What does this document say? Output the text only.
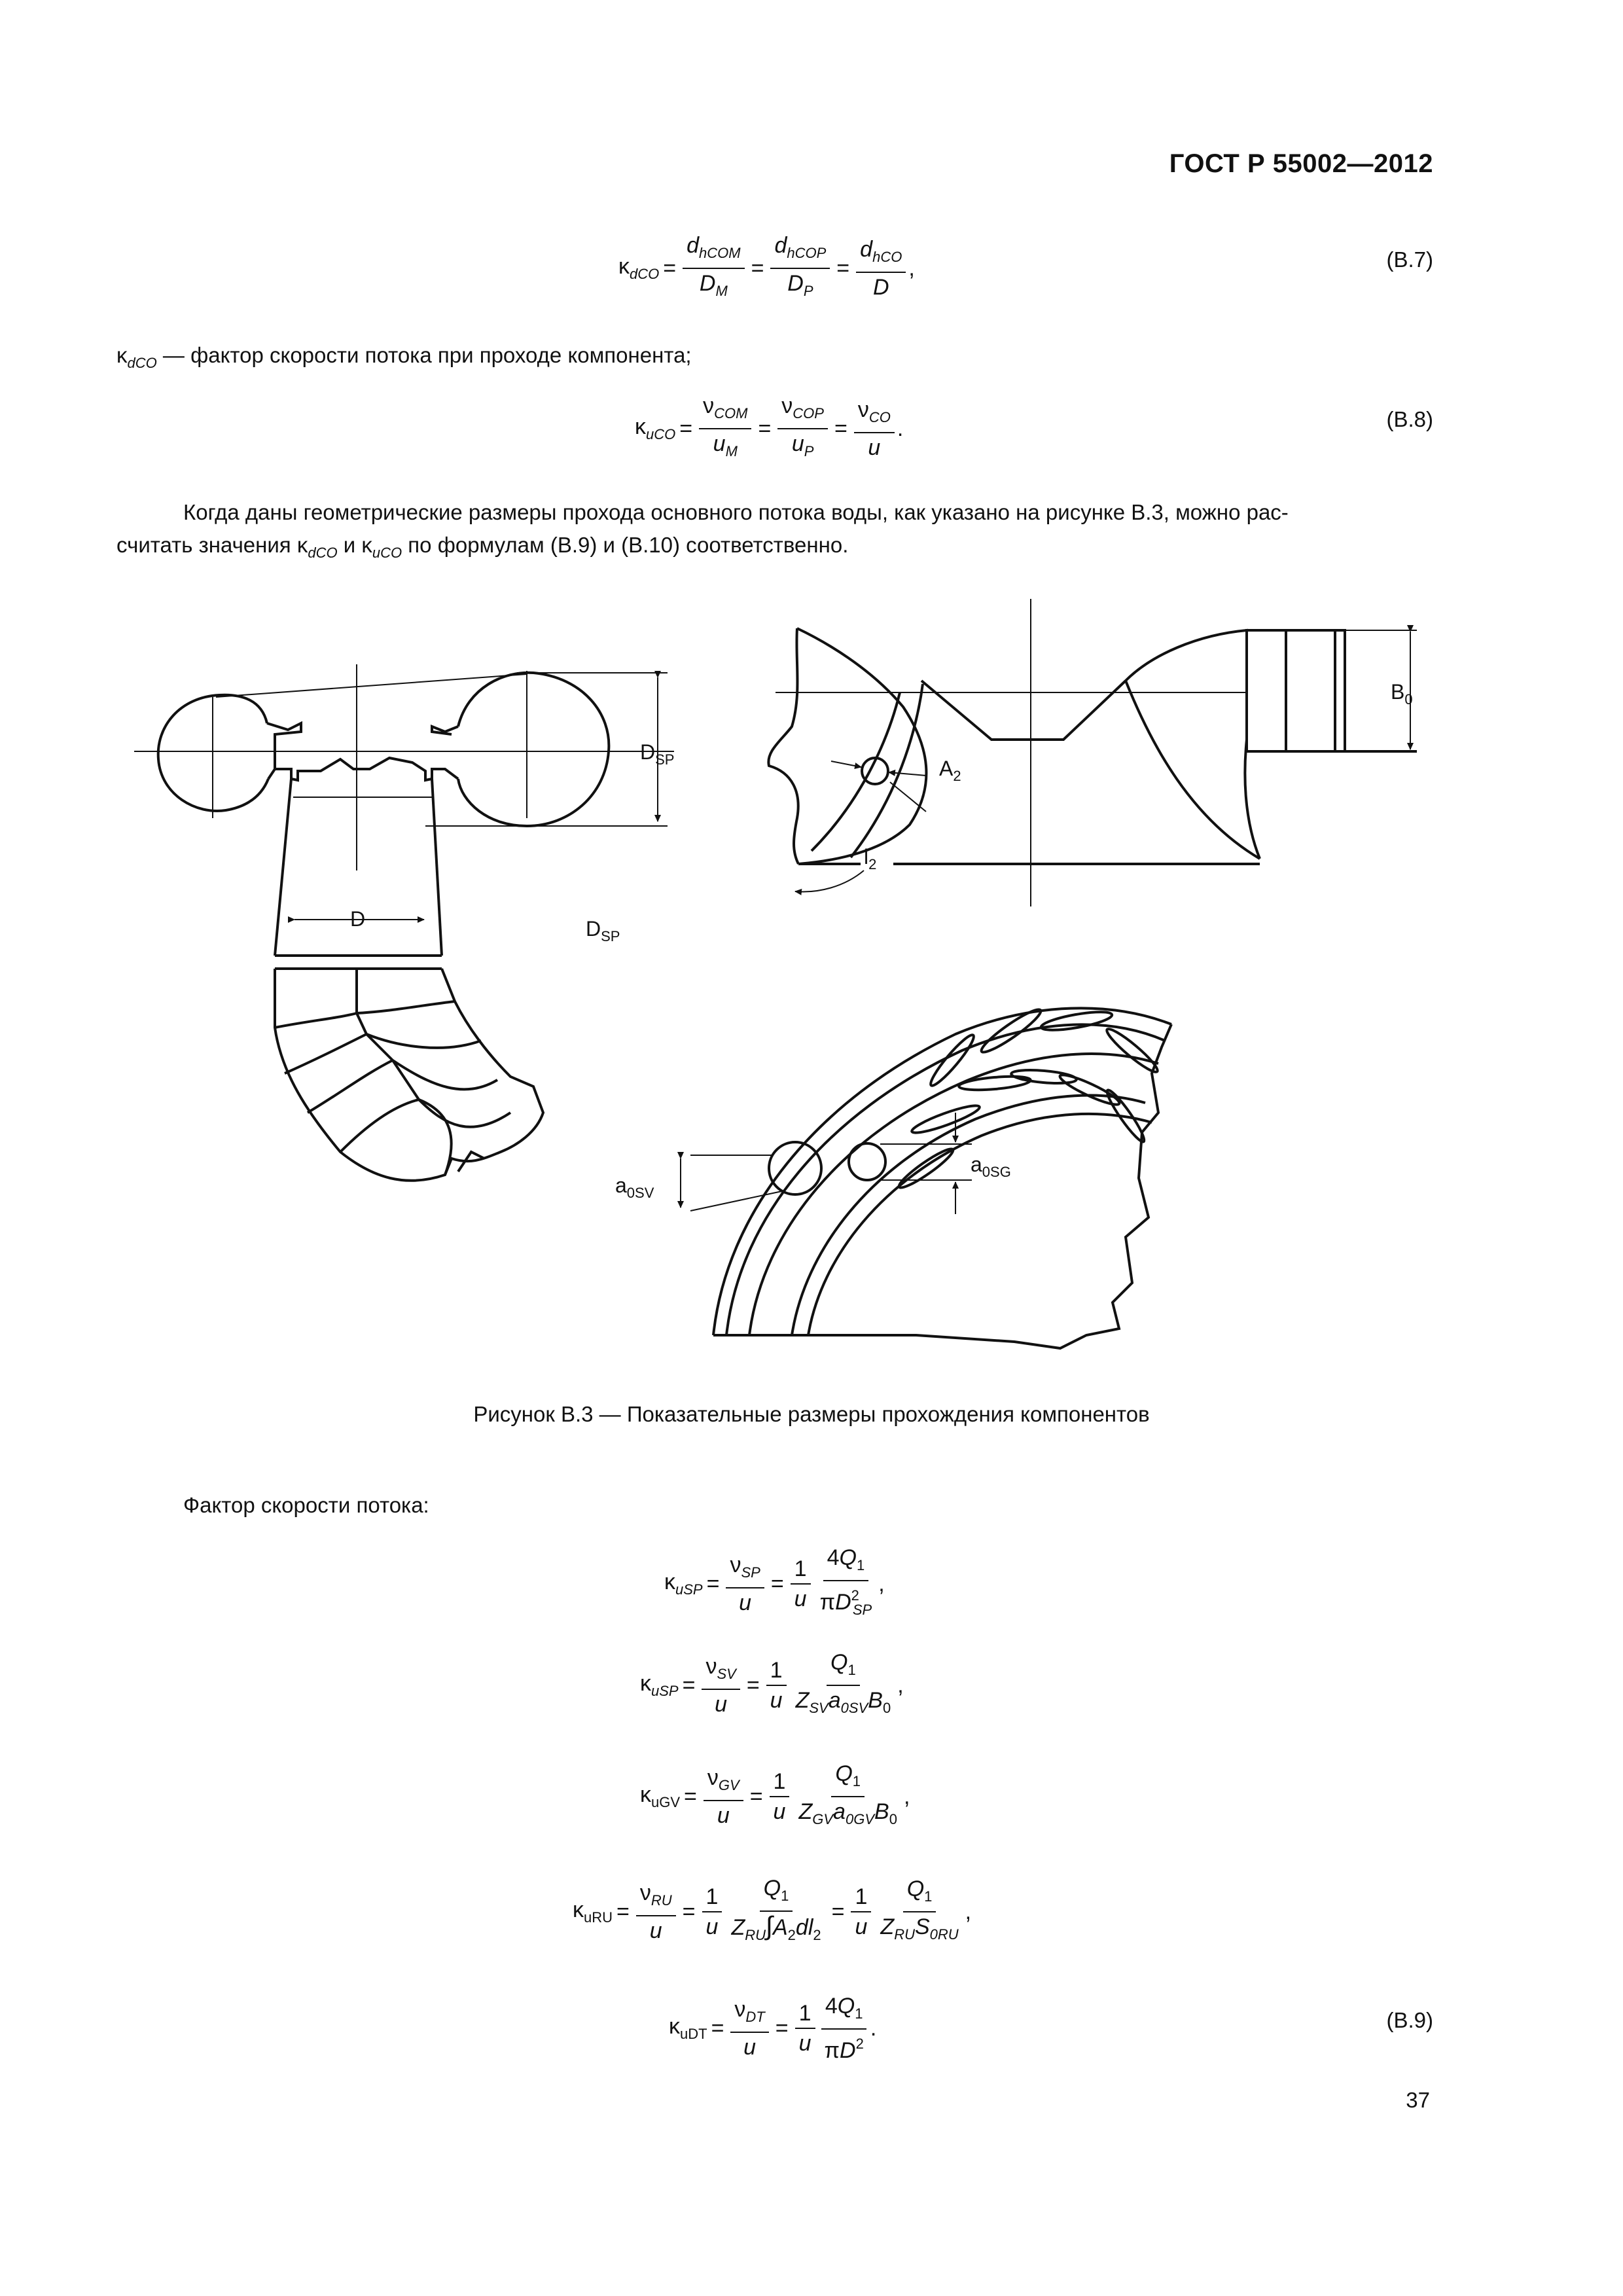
ГОСТ Р 55002—2012
$\kappa_{dCO} = \frac{d_{hCOM}}{D_M} = \frac{d_{hCOP}}{D_P} = \frac{d_{hCO}}{D}$ ,	(В.7)
$\kappa_{dCO}$ — фактор скорости потока при проходе компонента;
$\kappa_{uCO} = \frac{\nu_{COM}}{u_M} = \frac{\nu_{COP}}{u_P} = \frac{\nu_{CO}}{u}$ .	(В.8)
Когда даны геометрические размеры прохода основного потока воды, как указано на рисунке В.3, можно рас-
считать значения $\kappa_{dCO}$ и $\kappa_{uCO}$ по формулам (В.9) и (В.10) соответственно.
$D_{SP}$
D	$D_{SP}$
$B_0$
$A_2$
$l_2$
$a_{0SV}$
$a_{0SG}$
Рисунок В.3 — Показательные размеры прохождения компонентов
Фактор скорости потока:
$\kappa_{uSP} = \frac{\nu_{SP}}{u} = \frac{1}{u} \frac{4Q_1}{\pi D^2_{SP}}$ ,
$\kappa_{uSP} = \frac{\nu_{SV}}{u} = \frac{1}{u} \frac{Q_1}{Z_{SV}a_{0SV}B_0}$ ,
$\kappa_{uGV} = \frac{\nu_{GV}}{u} = \frac{1}{u} \frac{Q_1}{Z_{GV}a_{0GV}B_0}$ ,
$\kappa_{uRU} = \frac{\nu_{RU}}{u} = \frac{1}{u} \frac{Q_1}{Z_{RU}\int A_2dl_2} = \frac{1}{u} \frac{Q_1}{Z_{RU}S_{0RU}}$ ,
$\kappa_{uDT} = \frac{\nu_{DT}}{u} = \frac{1}{u} \frac{4Q_1}{\pi D^2}$ .	(В.9)
37
